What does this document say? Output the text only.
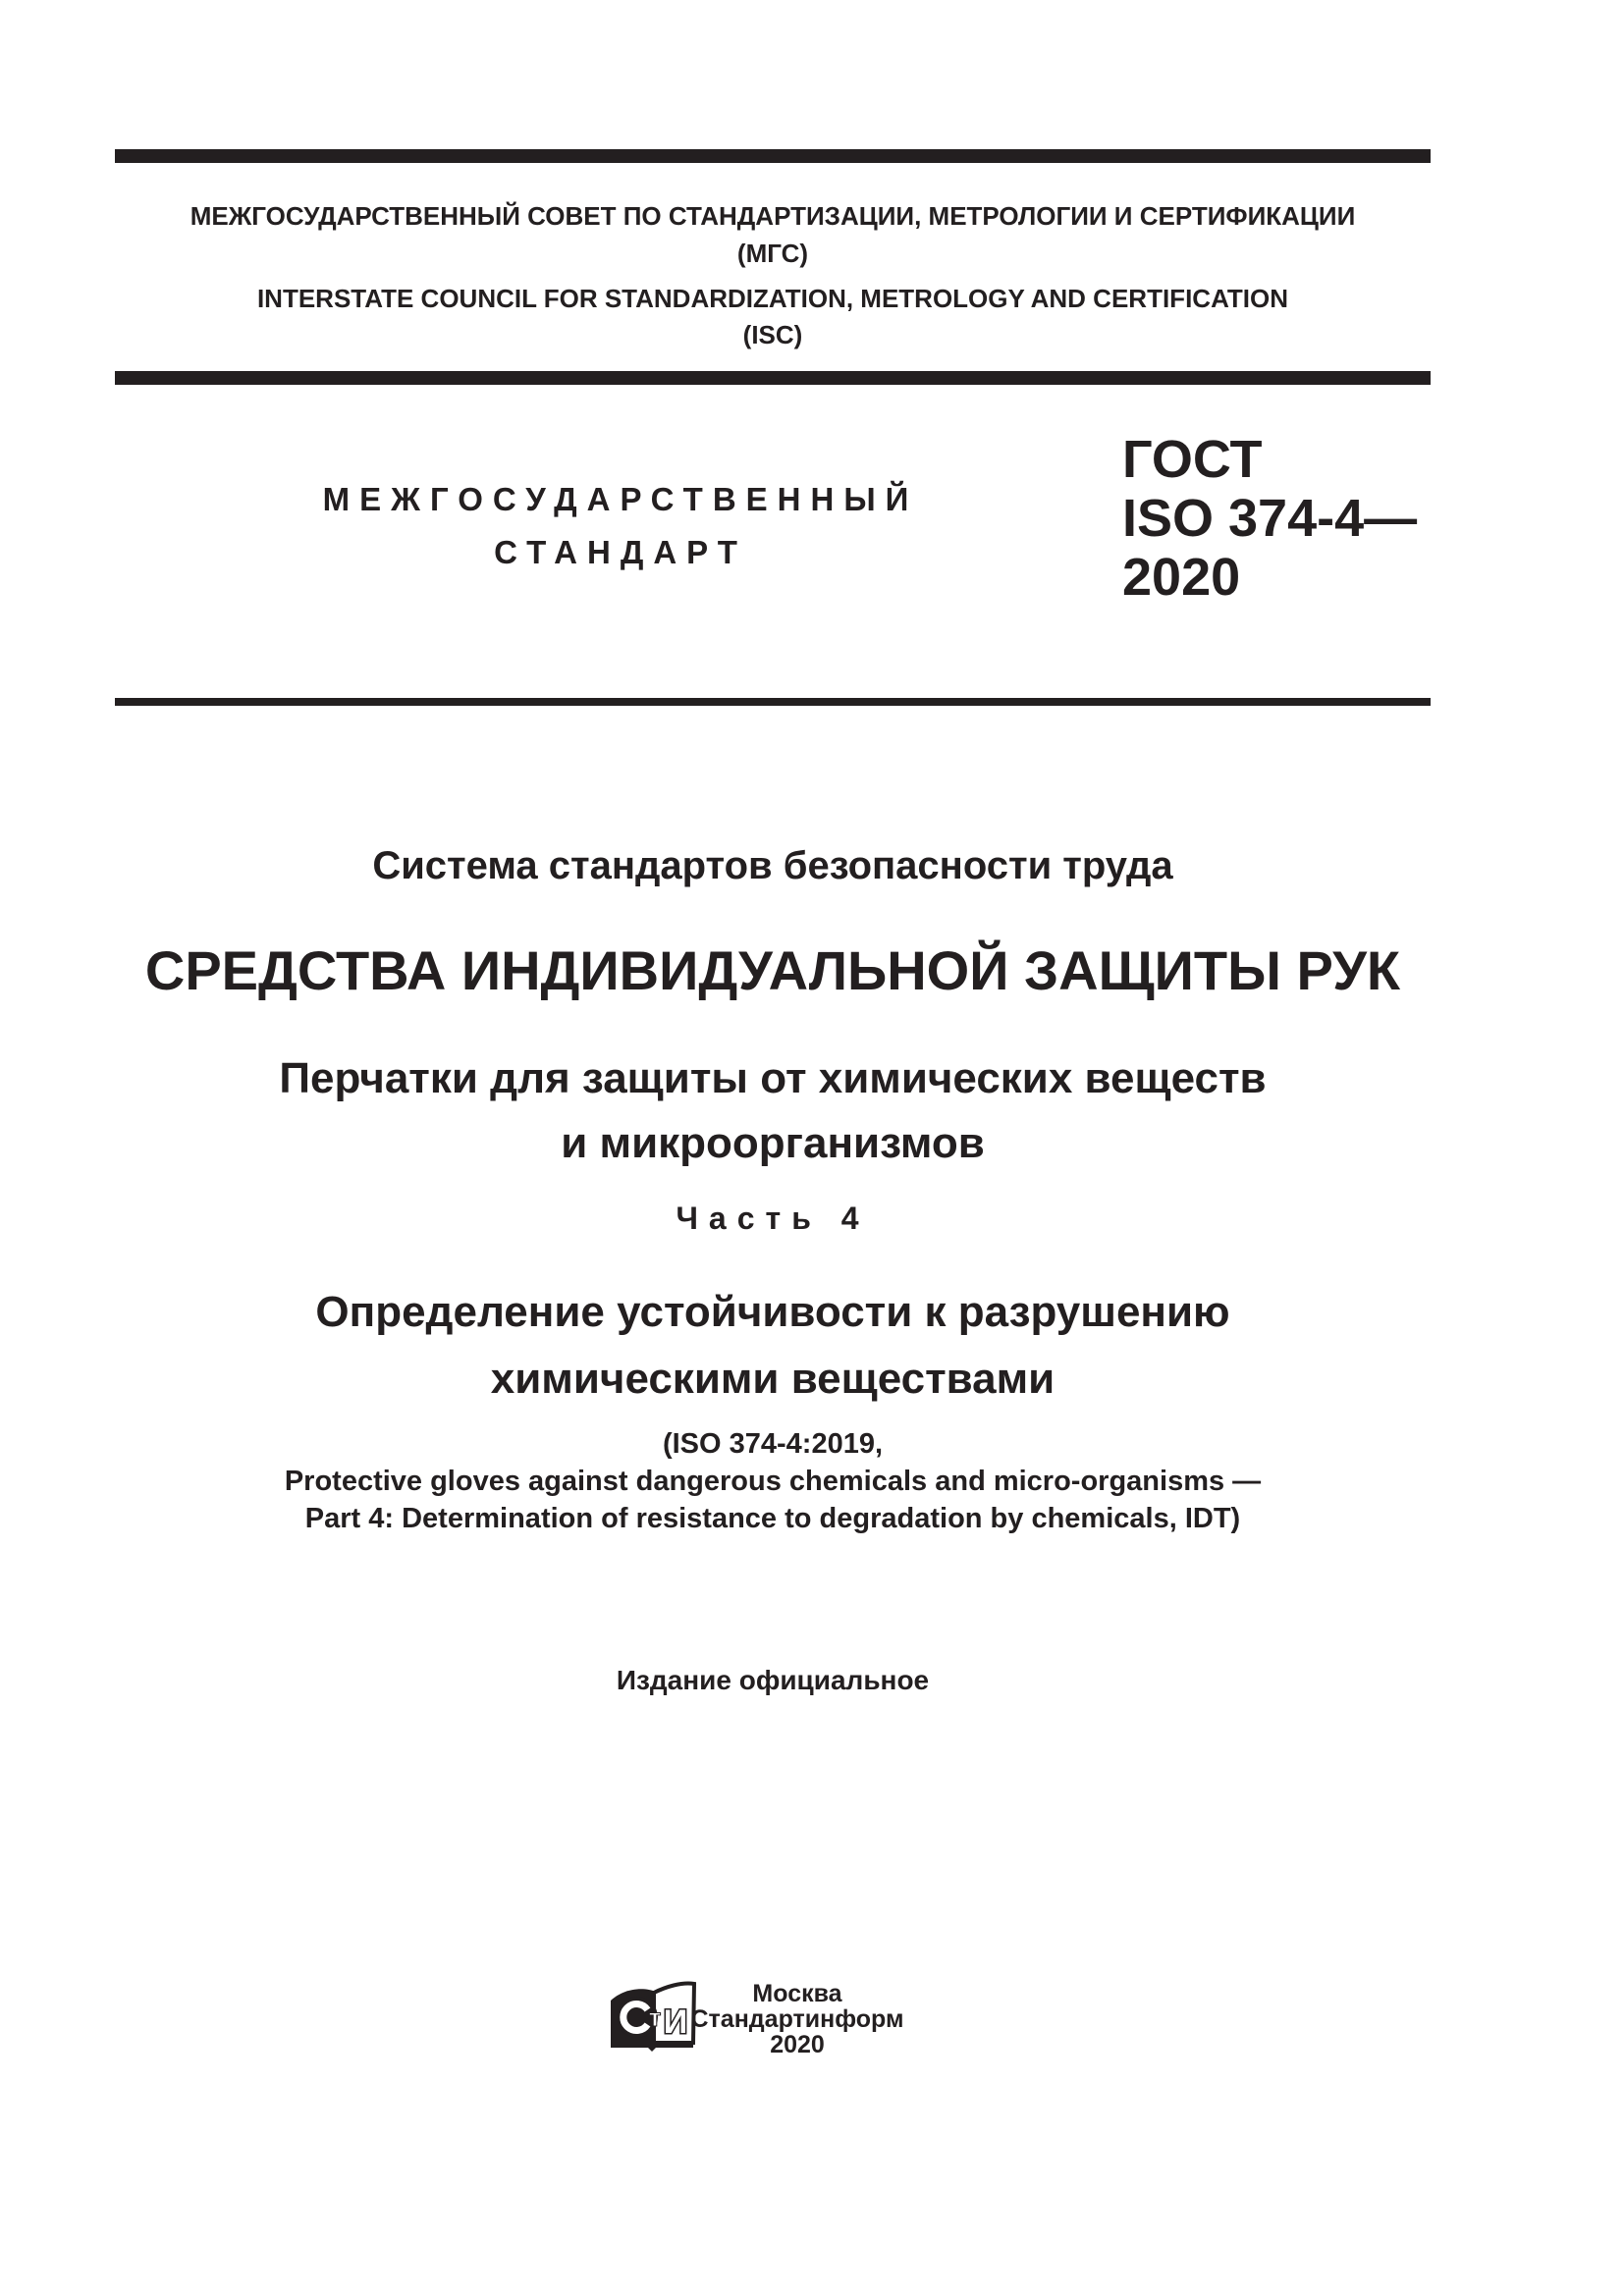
МЕЖГОСУДАРСТВЕННЫЙ СОВЕТ ПО СТАНДАРТИЗАЦИИ, МЕТРОЛОГИИ И СЕРТИФИКАЦИИ
(МГС)
INTERSTATE COUNCIL FOR STANDARDIZATION, METROLOGY AND CERTIFICATION
(ISC)
МЕЖГОСУДАРСТВЕННЫЙ
СТАНДАРТ
ГОСТ
ISO 374-4—
2020
Система стандартов безопасности труда
СРЕДСТВА ИНДИВИДУАЛЬНОЙ ЗАЩИТЫ РУК
Перчатки для защиты от химических веществ
и микроорганизмов
Часть 4
Определение устойчивости к разрушению
химическими веществами
(ISO 374-4:2019,
Protective gloves against dangerous chemicals and micro-organisms —
Part 4: Determination of resistance to degradation by chemicals, IDT)
Издание официальное
т И
Москва
Стандартинформ
2020
